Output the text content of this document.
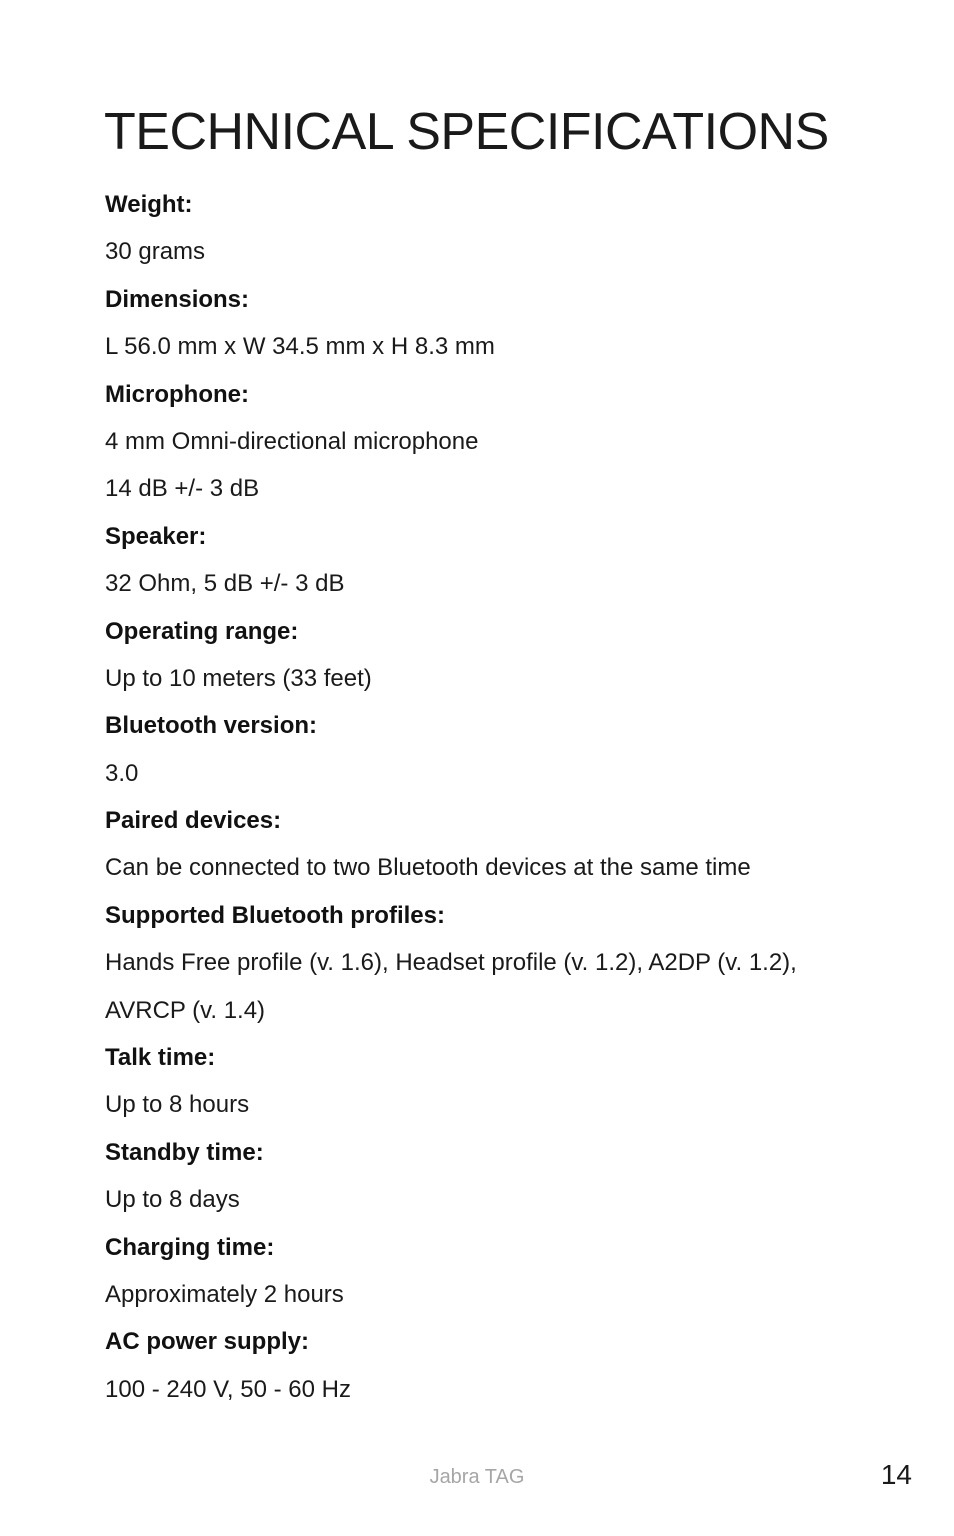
TECHNICAL SPECIFICATIONS
Weight:
30 grams
Dimensions:
L 56.0 mm x W 34.5 mm x H 8.3 mm
Microphone:
4 mm Omni-directional microphone
14 dB +/- 3 dB
Speaker:
32 Ohm, 5 dB +/- 3 dB
Operating range:
Up to 10 meters (33 feet)
Bluetooth version:
3.0
Paired devices:
Can be connected to two Bluetooth devices at the same time
Supported Bluetooth profiles:
Hands Free profile (v. 1.6), Headset profile (v. 1.2), A2DP (v. 1.2),
AVRCP (v. 1.4)
Talk time:
Up to 8 hours
Standby time:
Up to 8 days
Charging time:
Approximately 2 hours
AC power supply:
100 - 240 V, 50 - 60 Hz
Jabra TAG	14
